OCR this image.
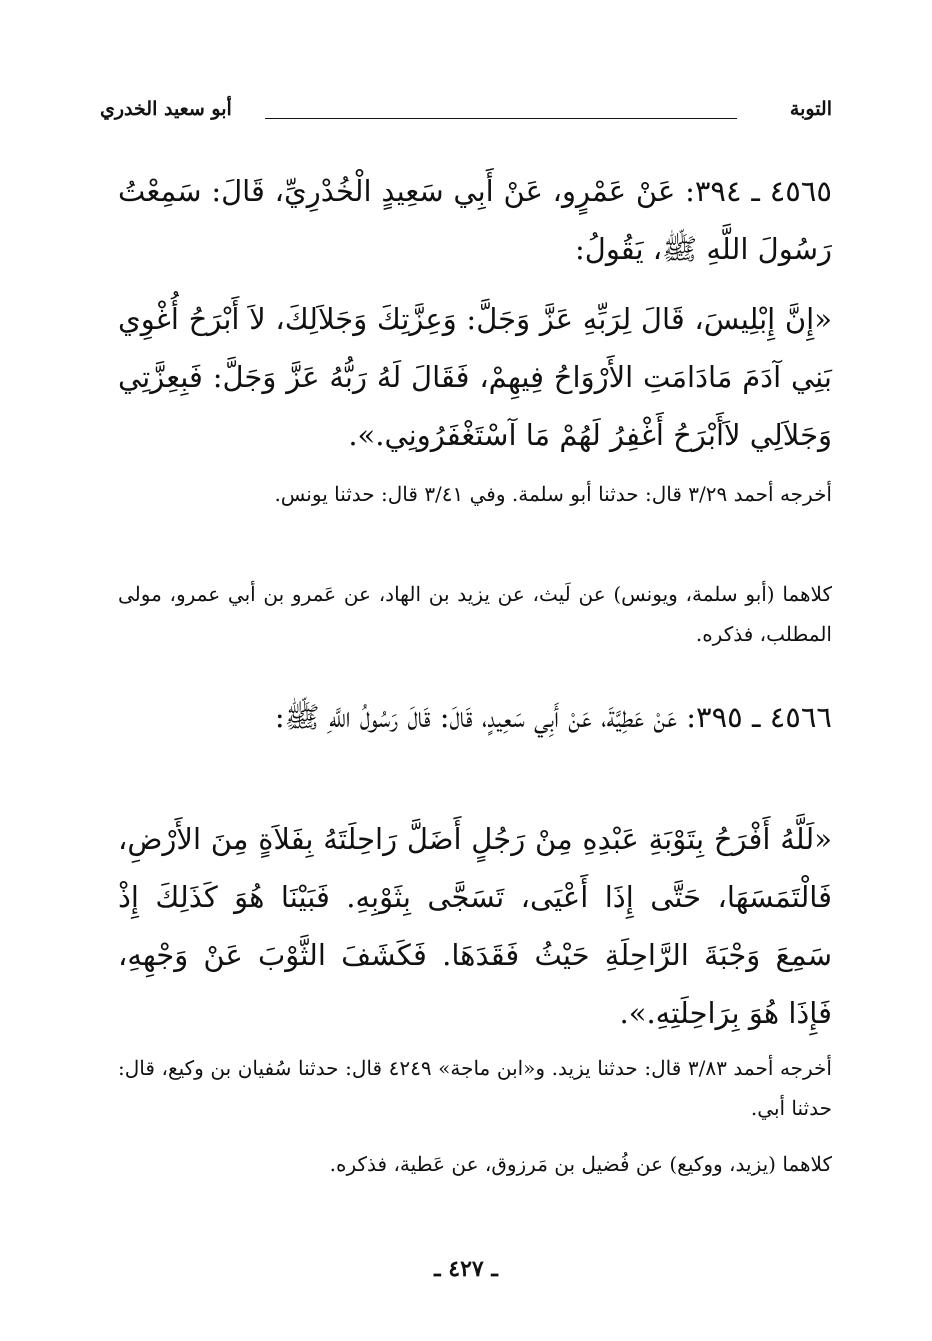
التوبة
أبو سعيد الخدري
٤٥٦٥ ـ ٣٩٤: عَنْ عَمْرٍو، عَنْ أَبِي سَعِيدٍ الْخُدْرِيِّ، قَالَ: سَمِعْتُ رَسُولَ اللَّهِ ﷺ، يَقُولُ:
«إِنَّ إِبْلِيسَ، قَالَ لِرَبِّهِ عَزَّ وَجَلَّ: وَعِزَّتِكَ وَجَلاَلِكَ، لاَ أَبْرَحُ أُغْوِي بَنِي آدَمَ مَادَامَتِ الأَرْوَاحُ فِيهِمْ، فَقَالَ لَهُ رَبُّهُ عَزَّ وَجَلَّ: فَبِعِزَّتِي وَجَلاَلِي لاَأَبْرَحُ أَغْفِرُ لَهُمْ مَا آسْتَغْفَرُونِي.».
أخرجه أحمد ٣/٢٩ قال: حدثنا أبو سلمة. وفي ٣/٤١ قال: حدثنا يونس.
كلاهما (أبو سلمة، ويونس) عن لَيث، عن يزيد بن الهاد، عن عَمرو بن أبي عمرو، مولى المطلب، فذكره.
٤٥٦٦ ـ ٣٩٥: عَنْ عَطِيَّةَ، عَنْ أَبِي سَعِيدٍ، قَالَ: قَالَ رَسُولُ اللَّهِ ﷺ:
«لَلَّهُ أَفْرَحُ بِتَوْبَةِ عَبْدِهِ مِنْ رَجُلٍ أَضَلَّ رَاحِلَتَهُ بِفَلاَةٍ مِنَ الأَرْضِ، فَالْتَمَسَهَا، حَتَّى إِذَا أَعْيَى، تَسَجَّى بِثَوْبِهِ. فَبَيْنَا هُوَ كَذَلِكَ إِذْ سَمِعَ وَجْبَةَ الرَّاحِلَةِ حَيْثُ فَقَدَهَا. فَكَشَفَ الثَّوْبَ عَنْ وَجْهِهِ، فَإِذَا هُوَ بِرَاحِلَتِهِ.».
أخرجه أحمد ٣/٨٣ قال: حدثنا يزيد. و«ابن ماجة» ٤٢٤٩ قال: حدثنا سُفيان بن وكيع، قال: حدثنا أبي.
كلاهما (يزيد، ووكيع) عن فُضيل بن مَرزوق، عن عَطية، فذكره.
ـ ٤٢٧ ـ
